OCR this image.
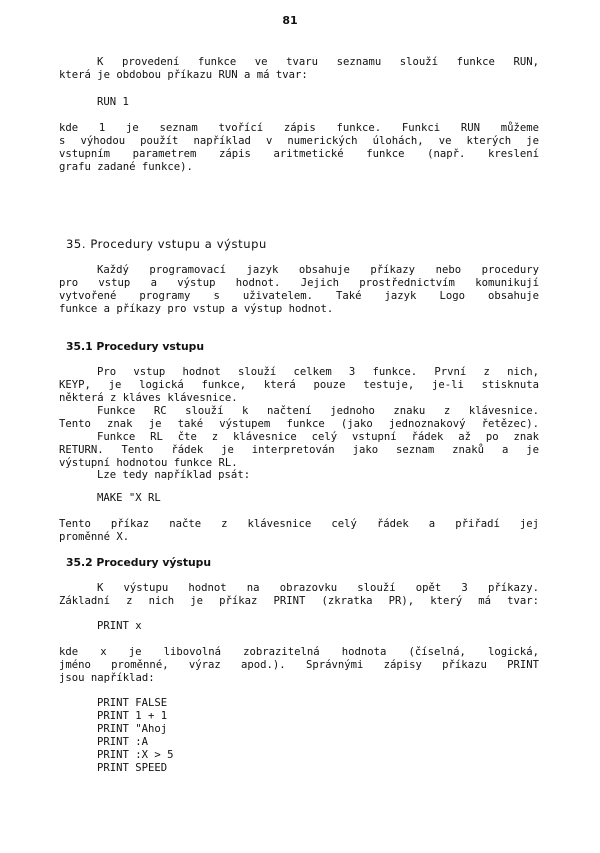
81
K provedení funkce ve tvaru seznamu slouží funkce RUN,
která je obdobou příkazu RUN a má tvar:
RUN 1
kde 1 je seznam tvořící zápis funkce. Funkci RUN můžeme
s výhodou použít například v numerických úlohách, ve kterých je
vstupním parametrem zápis aritmetické funkce (např. kreslení
grafu zadané funkce).
35. Procedury vstupu a výstupu
Každý programovací jazyk obsahuje příkazy nebo procedury
pro vstup a výstup hodnot. Jejich prostřednictvím komunikují
vytvořené programy s uživatelem. Také jazyk Logo obsahuje
funkce a příkazy pro vstup a výstup hodnot.
35.1 Procedury vstupu
Pro vstup hodnot slouží celkem 3 funkce. První z nich,
KEYP, je logická funkce, která pouze testuje, je-li stisknuta
některá z kláves klávesnice.
Funkce RC slouží k načtení jednoho znaku z klávesnice.
Tento znak je také výstupem funkce (jako jednoznakový řetězec).
Funkce RL čte z klávesnice celý vstupní řádek až po znak
RETURN. Tento řádek je interpretován jako seznam znaků a je
výstupní hodnotou funkce RL.
Lze tedy například psát:
MAKE "X RL
Tento příkaz načte z klávesnice celý řádek a přiřadí jej
proměnné X.
35.2 Procedury výstupu
K výstupu hodnot na obrazovku slouží opět 3 příkazy.
Základní z nich je příkaz PRINT (zkratka PR), který má tvar:
PRINT x
kde x je libovolná zobrazitelná hodnota (číselná, logická,
jméno proměnné, výraz apod.). Správnými zápisy příkazu PRINT
jsou například:
PRINT FALSE
PRINT 1 + 1
PRINT "Ahoj
PRINT :A
PRINT :X > 5
PRINT SPEED
